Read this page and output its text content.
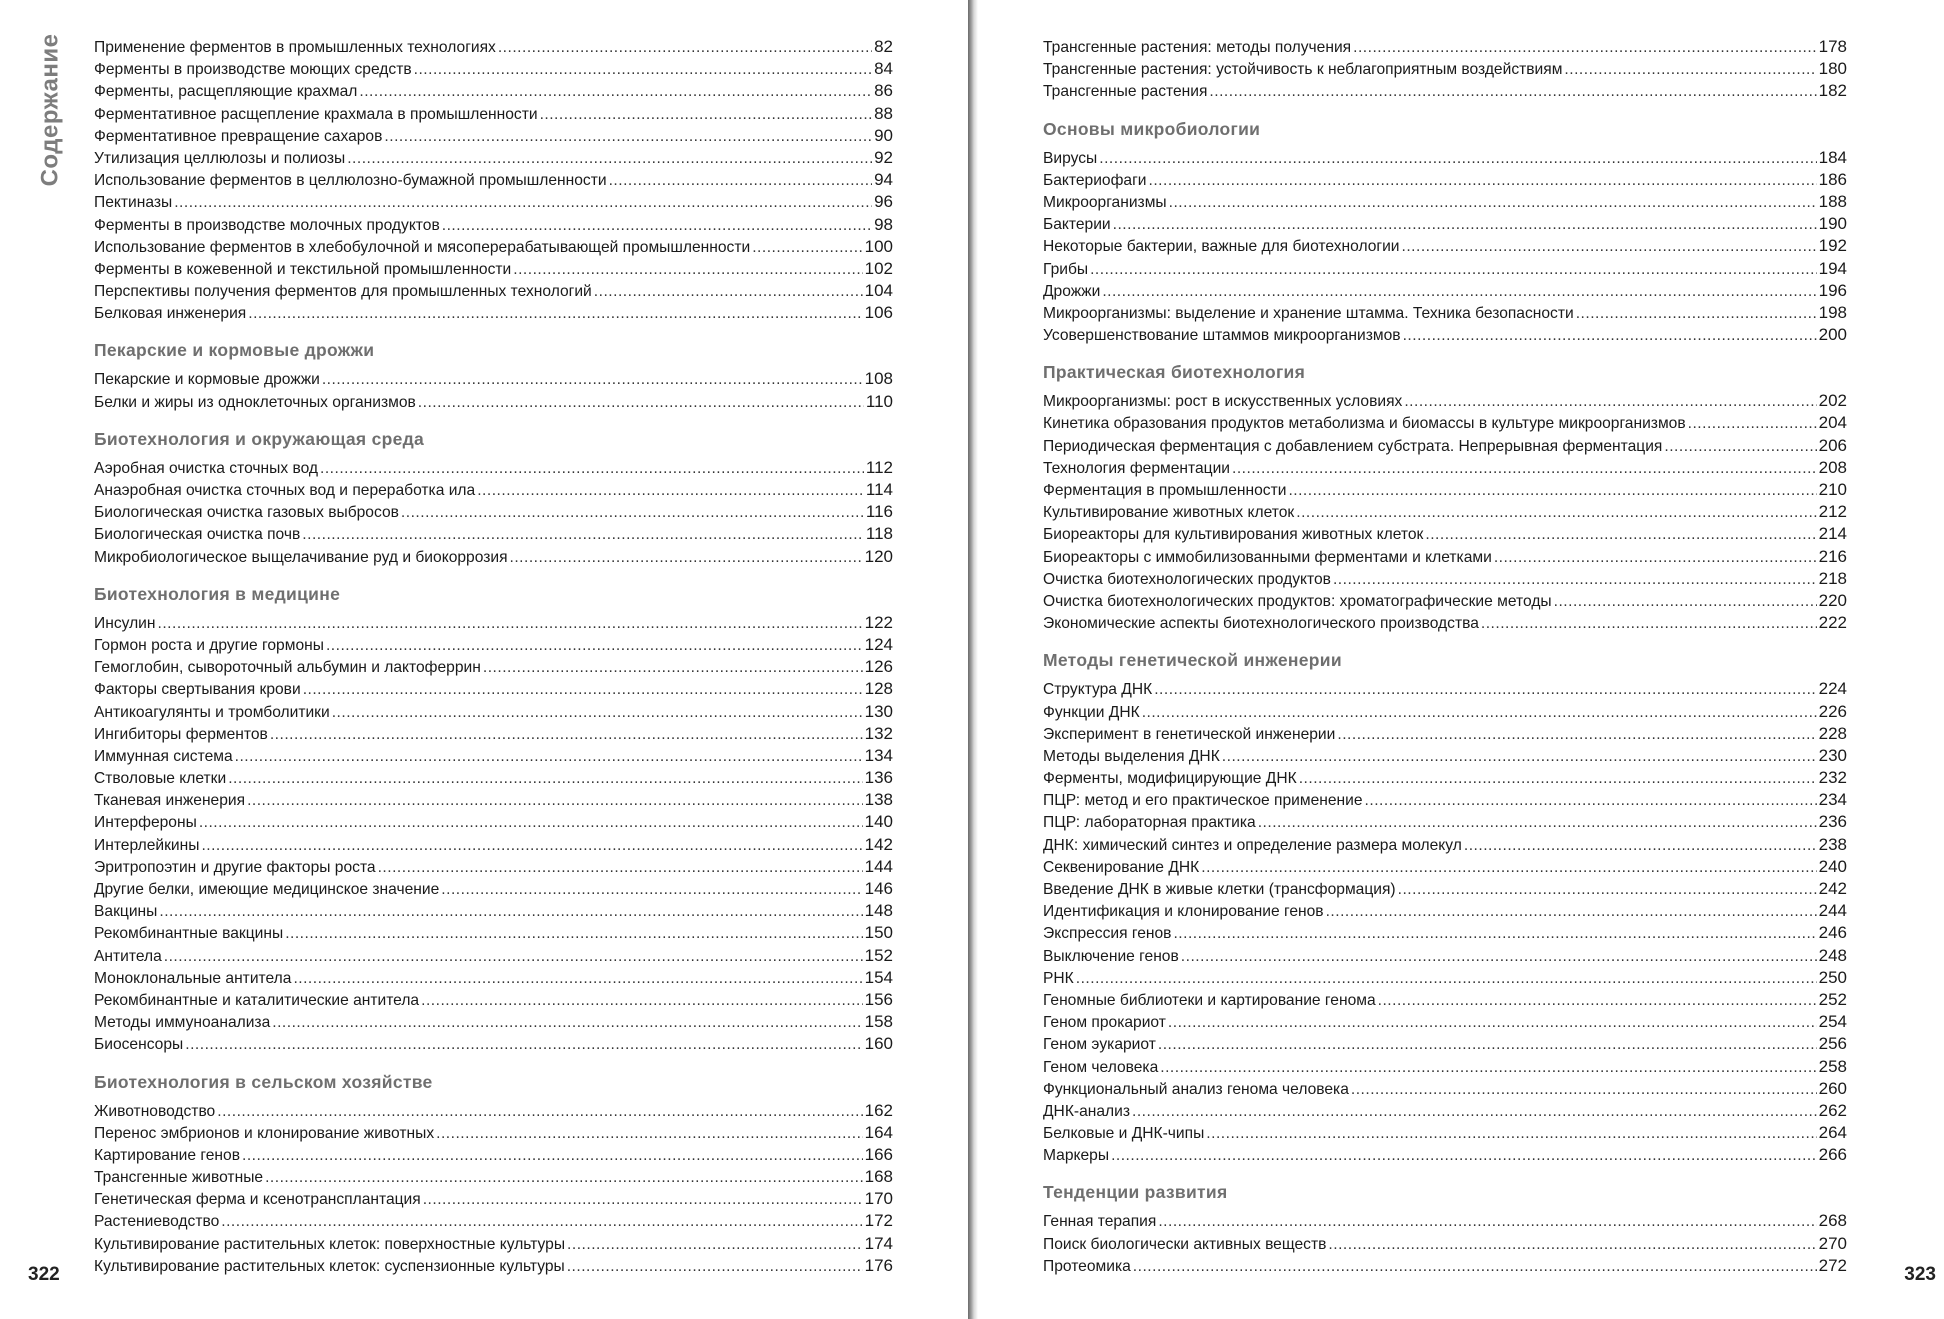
Содержание Применение ферментов в промышленных технологиях .....	82
Ферменты в производстве моющих средств .....	84
Ферменты, расщепляющие крахмал .....	86
Ферментативное расщепление крахмала в промышленности .....	88
Ферментативное превращение сахаров .....	90
Утилизация целлюлозы и полиозы .....	92
Использование ферментов в целлюлозно-бумажной промышленности .....	94
Пектиназы .....	96
Ферменты в производстве молочных продуктов .....	98
Использование ферментов в хлебобулочной и мясоперерабатывающей промышленности .....	100
Ферменты в кожевенной и текстильной промышленности .....	102
Перспективы получения ферментов для промышленных технологий .....	104
Белковая инженерия .....	106
Пекарские и кормовые дрожжи
Пекарские и кормовые дрожжи .....	108
Белки и жиры из одноклеточных организмов .....	110
Биотехнология и окружающая среда
Аэробная очистка сточных вод .....	112
Анаэробная очистка сточных вод и переработка ила .....	114
Биологическая очистка газовых выбросов .....	116
Биологическая очистка почв .....	118
Микробиологическое выщелачивание руд и биокоррозия .....	120
Биотехнология в медицине
Инсулин .....	122
Гормон роста и другие гормоны .....	124
Гемоглобин, сывороточный альбумин и лактоферрин .....	126
Факторы свертывания крови .....	128
Антикоагулянты и тромболитики .....	130
Ингибиторы ферментов .....	132
Иммунная система .....	134
Стволовые клетки .....	136
Тканевая инженерия .....	138
Интерфероны .....	140
Интерлейкины .....	142
Эритропоэтин и другие факторы роста .....	144
Другие белки, имеющие медицинское значение .....	146
Вакцины .....	148
Рекомбинантные вакцины .....	150
Антитела .....	152
Моноклональные антитела .....	154
Рекомбинантные и каталитические антитела .....	156
Методы иммуноанализа .....	158
Биосенсоры .....	160
Биотехнология в сельском хозяйстве
Животноводство .....	162
Перенос эмбрионов и клонирование животных .....	164
Картирование генов .....	166
Трансгенные животные .....	168
Генетическая ферма и ксенотрансплантация .....	170
Растениеводство .....	172
Культивирование растительных клеток: поверхностные культуры .....	174
Культивирование растительных клеток: суспензионные культуры .....	176
322
Трансгенные растения: методы получения .....	178
Трансгенные растения: устойчивость к неблагоприятным воздействиям .....	180
Трансгенные растения .....	182
Основы микробиологии
Вирусы .....	184
Бактериофаги .....	186
Микроорганизмы .....	188
Бактерии .....	190
Некоторые бактерии, важные для биотехнологии .....	192
Грибы .....	194
Дрожжи .....	196
Микроорганизмы: выделение и хранение штамма. Техника безопасности .....	198
Усовершенствование штаммов микроорганизмов .....	200
Практическая биотехнология
Микроорганизмы: рост в искусственных условиях .....	202
Кинетика образования продуктов метаболизма и биомассы в культуре микроорганизмов .....	204
Периодическая ферментация с добавлением субстрата. Непрерывная ферментация .....	206
Технология ферментации .....	208
Ферментация в промышленности .....	210
Культивирование животных клеток .....	212
Биореакторы для культивирования животных клеток .....	214
Биореакторы с иммобилизованными ферментами и клетками .....	216
Очистка биотехнологических продуктов .....	218
Очистка биотехнологических продуктов: хроматографические методы .....	220
Экономические аспекты биотехнологического производства .....	222
Методы генетической инженерии
Структура ДНК .....	224
Функции ДНК .....	226
Эксперимент в генетической инженерии .....	228
Методы выделения ДНК .....	230
Ферменты, модифицирующие ДНК .....	232
ПЦР: метод и его практическое применение .....	234
ПЦР: лабораторная практика .....	236
ДНК: химический синтез и определение размера молекул .....	238
Секвенирование ДНК .....	240
Введение ДНК в живые клетки (трансформация) .....	242
Идентификация и клонирование генов .....	244
Экспрессия генов .....	246
Выключение генов .....	248
РНК .....	250
Геномные библиотеки и картирование генома .....	252
Геном прокариот .....	254
Геном эукариот .....	256
Геном человека .....	258
Функциональный анализ генома человека .....	260
ДНК-анализ .....	262
Белковые и ДНК-чипы .....	264
Маркеры .....	266
Тенденции развития
Генная терапия .....	268
Поиск биологически активных веществ .....	270
Протеомика .....	272	323
